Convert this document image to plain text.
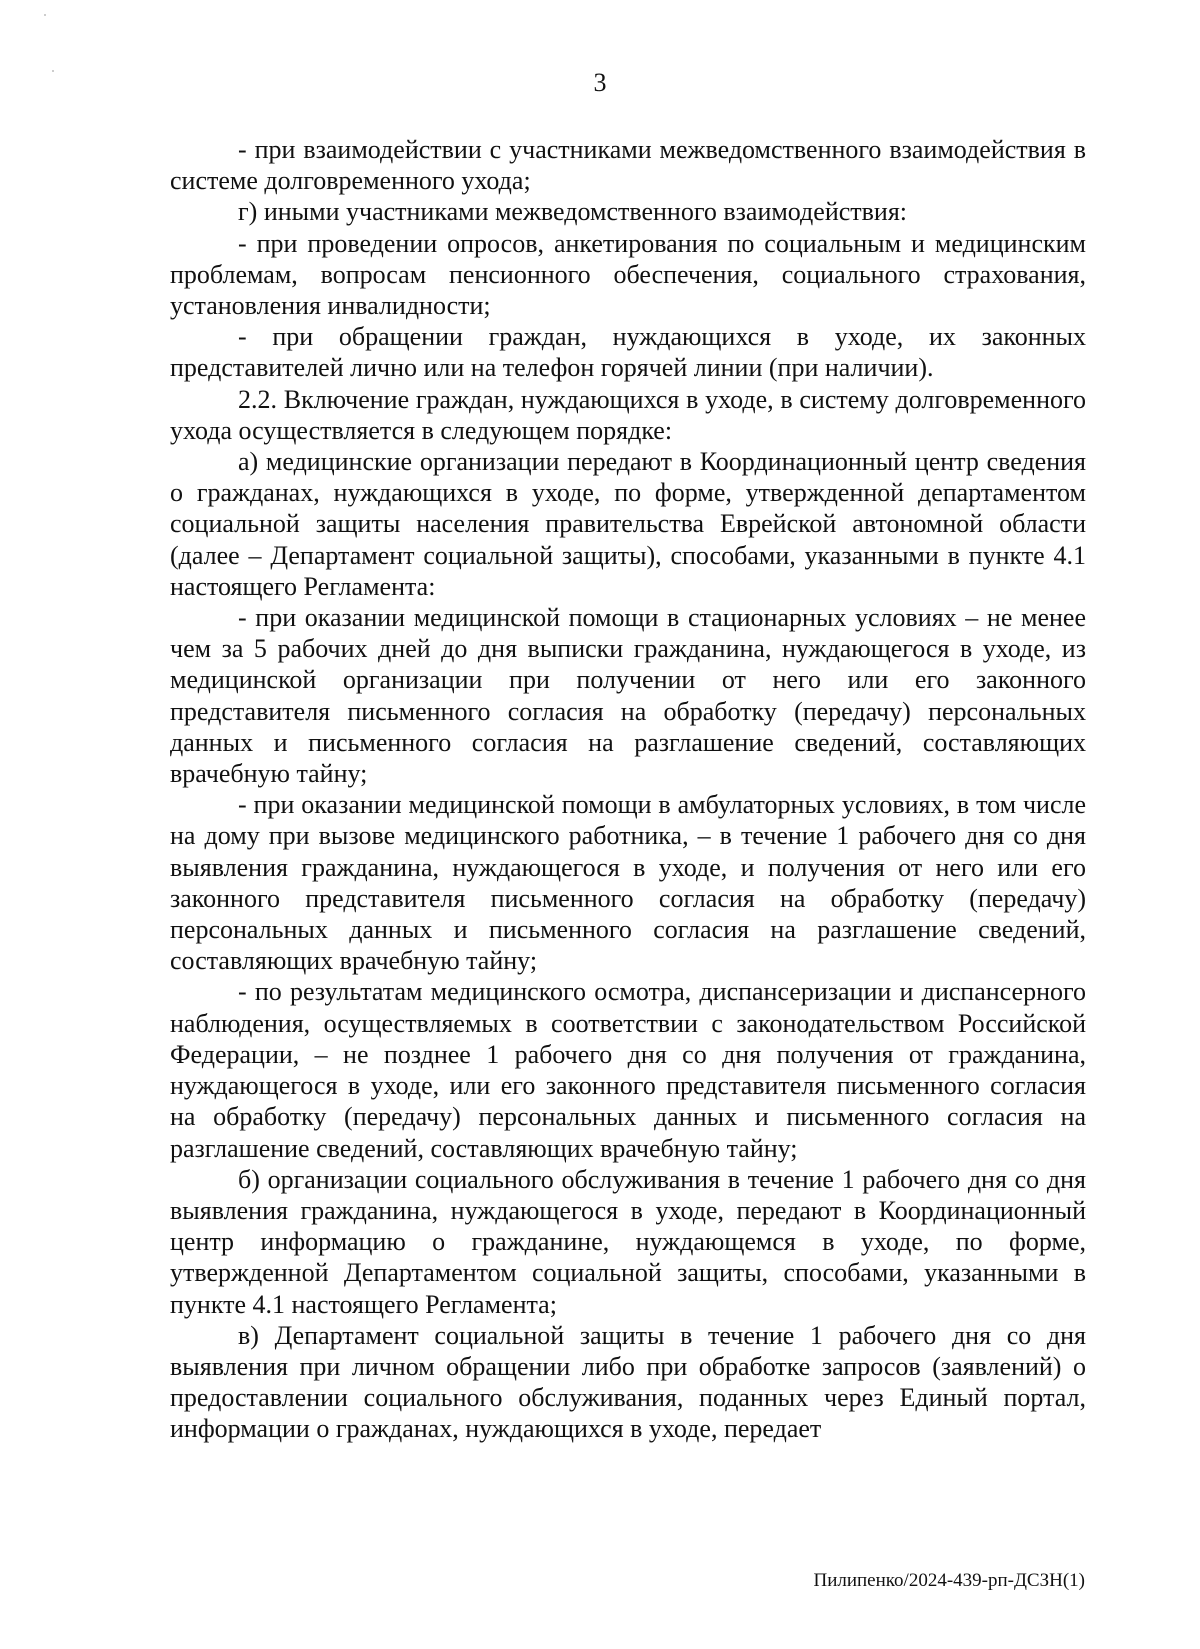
3

- при взаимодействии с участниками межведомственного взаимодействия в системе долговременного ухода;

г) иными участниками межведомственного взаимодействия:

- при проведении опросов, анкетирования по социальным и медицинским проблемам, вопросам пенсионного обеспечения, социального страхования, установления инвалидности;

- при обращении граждан, нуждающихся в уходе, их законных представителей лично или на телефон горячей линии (при наличии).

2.2. Включение граждан, нуждающихся в уходе, в систему долговременного ухода осуществляется в следующем порядке:

а) медицинские организации передают в Координационный центр сведения о гражданах, нуждающихся в уходе, по форме, утвержденной департаментом социальной защиты населения правительства Еврейской автономной области (далее – Департамент социальной защиты), способами, указанными в пункте 4.1 настоящего Регламента:

- при оказании медицинской помощи в стационарных условиях – не менее чем за 5 рабочих дней до дня выписки гражданина, нуждающегося в уходе, из медицинской организации при получении от него или его законного представителя письменного согласия на обработку (передачу) персональных данных и письменного согласия на разглашение сведений, составляющих врачебную тайну;

- при оказании медицинской помощи в амбулаторных условиях, в том числе на дому при вызове медицинского работника, – в течение 1 рабочего дня со дня выявления гражданина, нуждающегося в уходе, и получения от него или его законного представителя письменного согласия на обработку (передачу) персональных данных и письменного согласия на разглашение сведений, составляющих врачебную тайну;

- по результатам медицинского осмотра, диспансеризации и диспансерного наблюдения, осуществляемых в соответствии с законодательством Российской Федерации, – не позднее 1 рабочего дня со дня получения от гражданина, нуждающегося в уходе, или его законного представителя письменного согласия на обработку (передачу) персональных данных и письменного согласия на разглашение сведений, составляющих врачебную тайну;

б) организации социального обслуживания в течение 1 рабочего дня со дня выявления гражданина, нуждающегося в уходе, передают в Координационный центр информацию о гражданине, нуждающемся в уходе, по форме, утвержденной Департаментом социальной защиты, способами, указанными в пункте 4.1 настоящего Регламента;

в) Департамент социальной защиты в течение 1 рабочего дня со дня выявления при личном обращении либо при обработке запросов (заявлений) о предоставлении социального обслуживания, поданных через Единый портал, информации о гражданах, нуждающихся в уходе, передает

Пилипенко/2024-439-рп-ДСЗН(1)
